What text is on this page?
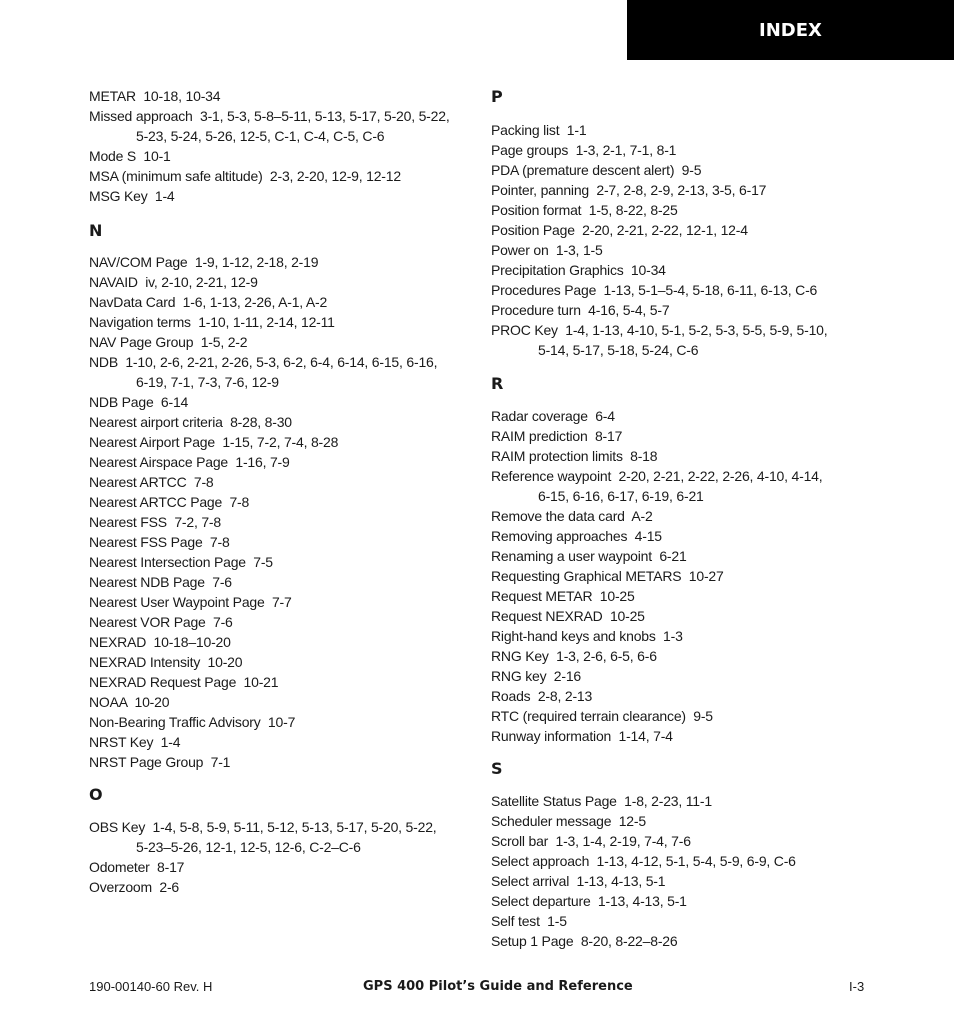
INDEX
METAR  10-18, 10-34
Missed approach  3-1, 5-3, 5-8–5-11, 5-13, 5-17, 5-20, 5-22,
5-23, 5-24, 5-26, 12-5, C-1, C-4, C-5, C-6
Mode S  10-1
MSA (minimum safe altitude)  2-3, 2-20, 12-9, 12-12
MSG Key  1-4
N
NAV/COM Page  1-9, 1-12, 2-18, 2-19
NAVAID  iv, 2-10, 2-21, 12-9
NavData Card  1-6, 1-13, 2-26, A-1, A-2
Navigation terms  1-10, 1-11, 2-14, 12-11
NAV Page Group  1-5, 2-2
NDB  1-10, 2-6, 2-21, 2-26, 5-3, 6-2, 6-4, 6-14, 6-15, 6-16,
6-19, 7-1, 7-3, 7-6, 12-9
NDB Page  6-14
Nearest airport criteria  8-28, 8-30
Nearest Airport Page  1-15, 7-2, 7-4, 8-28
Nearest Airspace Page  1-16, 7-9
Nearest ARTCC  7-8
Nearest ARTCC Page  7-8
Nearest FSS  7-2, 7-8
Nearest FSS Page  7-8
Nearest Intersection Page  7-5
Nearest NDB Page  7-6
Nearest User Waypoint Page  7-7
Nearest VOR Page  7-6
NEXRAD  10-18–10-20
NEXRAD Intensity  10-20
NEXRAD Request Page  10-21
NOAA  10-20
Non-Bearing Traffic Advisory  10-7
NRST Key  1-4
NRST Page Group  7-1
O
OBS Key  1-4, 5-8, 5-9, 5-11, 5-12, 5-13, 5-17, 5-20, 5-22,
5-23–5-26, 12-1, 12-5, 12-6, C-2–C-6
Odometer  8-17
Overzoom  2-6
P
Packing list  1-1
Page groups  1-3, 2-1, 7-1, 8-1
PDA (premature descent alert)  9-5
Pointer, panning  2-7, 2-8, 2-9, 2-13, 3-5, 6-17
Position format  1-5, 8-22, 8-25
Position Page  2-20, 2-21, 2-22, 12-1, 12-4
Power on  1-3, 1-5
Precipitation Graphics  10-34
Procedures Page  1-13, 5-1–5-4, 5-18, 6-11, 6-13, C-6
Procedure turn  4-16, 5-4, 5-7
PROC Key  1-4, 1-13, 4-10, 5-1, 5-2, 5-3, 5-5, 5-9, 5-10,
5-14, 5-17, 5-18, 5-24, C-6
R
Radar coverage  6-4
RAIM prediction  8-17
RAIM protection limits  8-18
Reference waypoint  2-20, 2-21, 2-22, 2-26, 4-10, 4-14,
6-15, 6-16, 6-17, 6-19, 6-21
Remove the data card  A-2
Removing approaches  4-15
Renaming a user waypoint  6-21
Requesting Graphical METARS  10-27
Request METAR  10-25
Request NEXRAD  10-25
Right-hand keys and knobs  1-3
RNG Key  1-3, 2-6, 6-5, 6-6
RNG key  2-16
Roads  2-8, 2-13
RTC (required terrain clearance)  9-5
Runway information  1-14, 7-4
S
Satellite Status Page  1-8, 2-23, 11-1
Scheduler message  12-5
Scroll bar  1-3, 1-4, 2-19, 7-4, 7-6
Select approach  1-13, 4-12, 5-1, 5-4, 5-9, 6-9, C-6
Select arrival  1-13, 4-13, 5-1
Select departure  1-13, 4-13, 5-1
Self test  1-5
Setup 1 Page  8-20, 8-22–8-26
190-00140-60 Rev. H	GPS 400 Pilot’s Guide and Reference	I-3
